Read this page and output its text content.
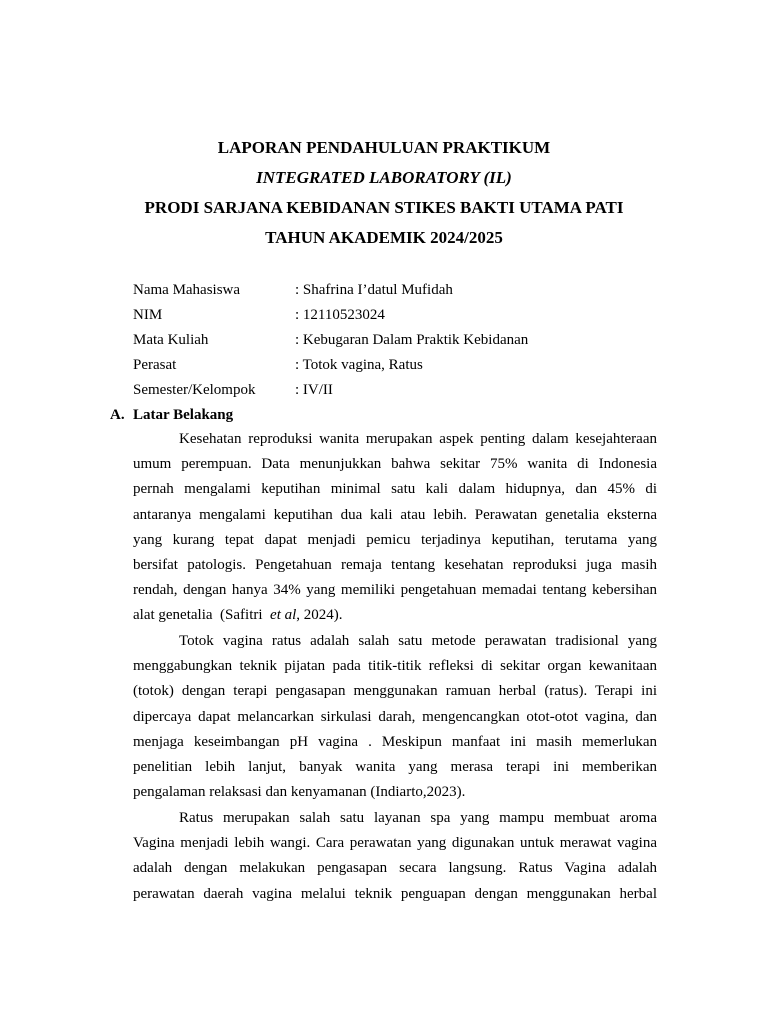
LAPORAN PENDAHULUAN PRAKTIKUM
INTEGRATED LABORATORY (IL)
PRODI SARJANA KEBIDANAN STIKES BAKTI UTAMA PATI
TAHUN AKADEMIK 2024/2025
Nama Mahasiswa	: Shafrina I’datul Mufidah
NIM	: 12110523024
Mata Kuliah	: Kebugaran Dalam Praktik Kebidanan
Perasat	: Totok vagina, Ratus
Semester/Kelompok	: IV/II
A. Latar Belakang
Kesehatan reproduksi wanita merupakan aspek penting dalam kesejahteraan
umum perempuan. Data menunjukkan bahwa sekitar 75% wanita di Indonesia
pernah mengalami keputihan minimal satu kali dalam hidupnya, dan 45% di
antaranya mengalami keputihan dua kali atau lebih. Perawatan genetalia eksterna
yang kurang tepat dapat menjadi pemicu terjadinya keputihan, terutama yang
bersifat patologis. Pengetahuan remaja tentang kesehatan reproduksi juga masih
rendah, dengan hanya 34% yang memiliki pengetahuan memadai tentang kebersihan
alat genetalia  (Safitri  et al, 2024).
Totok vagina ratus adalah salah satu metode perawatan tradisional yang
menggabungkan teknik pijatan pada titik-titik refleksi di sekitar organ kewanitaan
(totok) dengan terapi pengasapan menggunakan ramuan herbal (ratus). Terapi ini
dipercaya dapat melancarkan sirkulasi darah, mengencangkan otot-otot vagina, dan
menjaga keseimbangan pH vagina . Meskipun manfaat ini masih memerlukan
penelitian lebih lanjut, banyak wanita yang merasa terapi ini memberikan
pengalaman relaksasi dan kenyamanan (Indiarto,2023).
Ratus merupakan salah satu layanan spa yang mampu membuat aroma
Vagina menjadi lebih wangi. Cara perawatan yang digunakan untuk merawat vagina
adalah dengan melakukan pengasapan secara langsung. Ratus Vagina adalah
perawatan daerah vagina melalui teknik penguapan dengan menggunakan herbal
